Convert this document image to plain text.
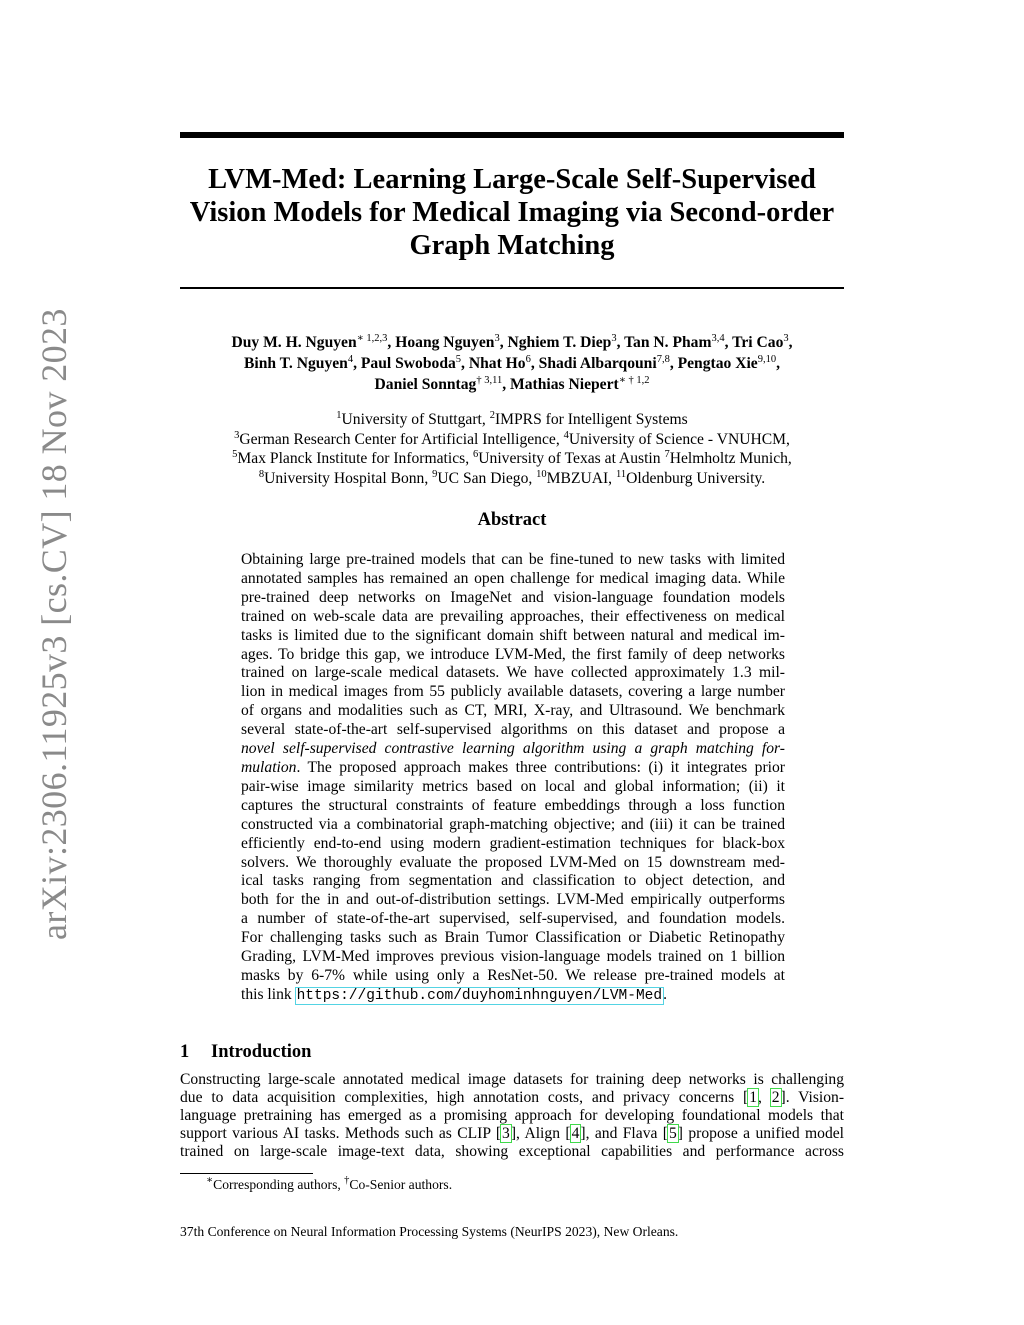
arXiv:2306.11925v3 [cs.CV] 18 Nov 2023
LVM-Med: Learning Large-Scale Self-Supervised
Vision Models for Medical Imaging via Second-order
Graph Matching
Duy M. H. Nguyen$^{∗ 1,2,3}$, Hoang Nguyen$^3$, Nghiem T. Diep$^3$, Tan N. Pham$^{3,4}$, Tri Cao$^3$,
Binh T. Nguyen$^4$, Paul Swoboda$^5$, Nhat Ho$^6$, Shadi Albarqouni$^{7,8}$, Pengtao Xie$^{9,10}$,
Daniel Sonntag$^{\dagger 3,11}$, Mathias Niepert$^{∗ \dagger 1,2}$
$^1$University of Stuttgart, $^2$IMPRS for Intelligent Systems
$^3$German Research Center for Artificial Intelligence, $^4$University of Science - VNUHCM,
$^5$Max Planck Institute for Informatics, $^6$University of Texas at Austin $^7$Helmholtz Munich,
$^8$University Hospital Bonn, $^9$UC San Diego, $^{10}$MBZUAI, $^{11}$Oldenburg University.
Abstract
Obtaining large pre-trained models that can be fine-tuned to new tasks with limited
annotated samples has remained an open challenge for medical imaging data. While
pre-trained deep networks on ImageNet and vision-language foundation models
trained on web-scale data are prevailing approaches, their effectiveness on medical
tasks is limited due to the significant domain shift between natural and medical im-
ages. To bridge this gap, we introduce LVM-Med, the first family of deep networks
trained on large-scale medical datasets. We have collected approximately 1.3 mil-
lion in medical images from 55 publicly available datasets, covering a large number
of organs and modalities such as CT, MRI, X-ray, and Ultrasound. We benchmark
several state-of-the-art self-supervised algorithms on this dataset and propose a
novel self-supervised contrastive learning algorithm using a graph matching for-
mulation. The proposed approach makes three contributions: (i) it integrates prior
pair-wise image similarity metrics based on local and global information; (ii) it
captures the structural constraints of feature embeddings through a loss function
constructed via a combinatorial graph-matching objective; and (iii) it can be trained
efficiently end-to-end using modern gradient-estimation techniques for black-box
solvers. We thoroughly evaluate the proposed LVM-Med on 15 downstream med-
ical tasks ranging from segmentation and classification to object detection, and
both for the in and out-of-distribution settings. LVM-Med empirically outperforms
a number of state-of-the-art supervised, self-supervised, and foundation models.
For challenging tasks such as Brain Tumor Classification or Diabetic Retinopathy
Grading, LVM-Med improves previous vision-language models trained on 1 billion
masks by 6-7% while using only a ResNet-50. We release pre-trained models at
this link https://github.com/duyhominhnguyen/LVM-Med.
1 Introduction
Constructing large-scale annotated medical image datasets for training deep networks is challenging
due to data acquisition complexities, high annotation costs, and privacy concerns [1, 2]. Vision-
language pretraining has emerged as a promising approach for developing foundational models that
support various AI tasks. Methods such as CLIP [3], Align [4], and Flava [5] propose a unified model
trained on large-scale image-text data, showing exceptional capabilities and performance across
∗Corresponding authors, †Co-Senior authors.
37th Conference on Neural Information Processing Systems (NeurIPS 2023), New Orleans.
